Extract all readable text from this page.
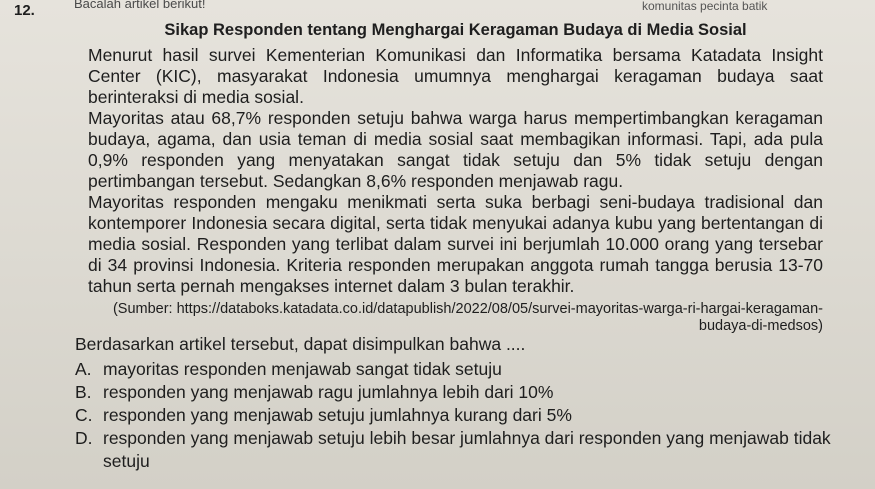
12.	Bacalah artikel berikut!	komunitas pecinta batik

Sikap Responden tentang Menghargai Keragaman Budaya di Media Sosial

Menurut hasil survei Kementerian Komunikasi dan Informatika bersama Katadata Insight Center (KIC), masyarakat Indonesia umumnya menghargai keragaman budaya saat berinteraksi di media sosial.

Mayoritas atau 68,7% responden setuju bahwa warga harus mempertimbangkan keragaman budaya, agama, dan usia teman di media sosial saat membagikan informasi. Tapi, ada pula 0,9% responden yang menyatakan sangat tidak setuju dan 5% tidak setuju dengan pertimbangan tersebut. Sedangkan 8,6% responden menjawab ragu.

Mayoritas responden mengaku menikmati serta suka berbagi seni-budaya tradisional dan kontemporer Indonesia secara digital, serta tidak menyukai adanya kubu yang bertentangan di media sosial. Responden yang terlibat dalam survei ini berjumlah 10.000 orang yang tersebar di 34 provinsi Indonesia. Kriteria responden merupakan anggota rumah tangga berusia 13-70 tahun serta pernah mengakses internet dalam 3 bulan terakhir.

(Sumber: https://databoks.katadata.co.id/datapublish/2022/08/05/survei-mayoritas-warga-ri-hargai-keragaman-budaya-di-medsos)

Berdasarkan artikel tersebut, dapat disimpulkan bahwa ....

A. mayoritas responden menjawab sangat tidak setuju
B. responden yang menjawab ragu jumlahnya lebih dari 10%
C. responden yang menjawab setuju jumlahnya kurang dari 5%
D. responden yang menjawab setuju lebih besar jumlahnya dari responden yang menjawab tidak setuju
